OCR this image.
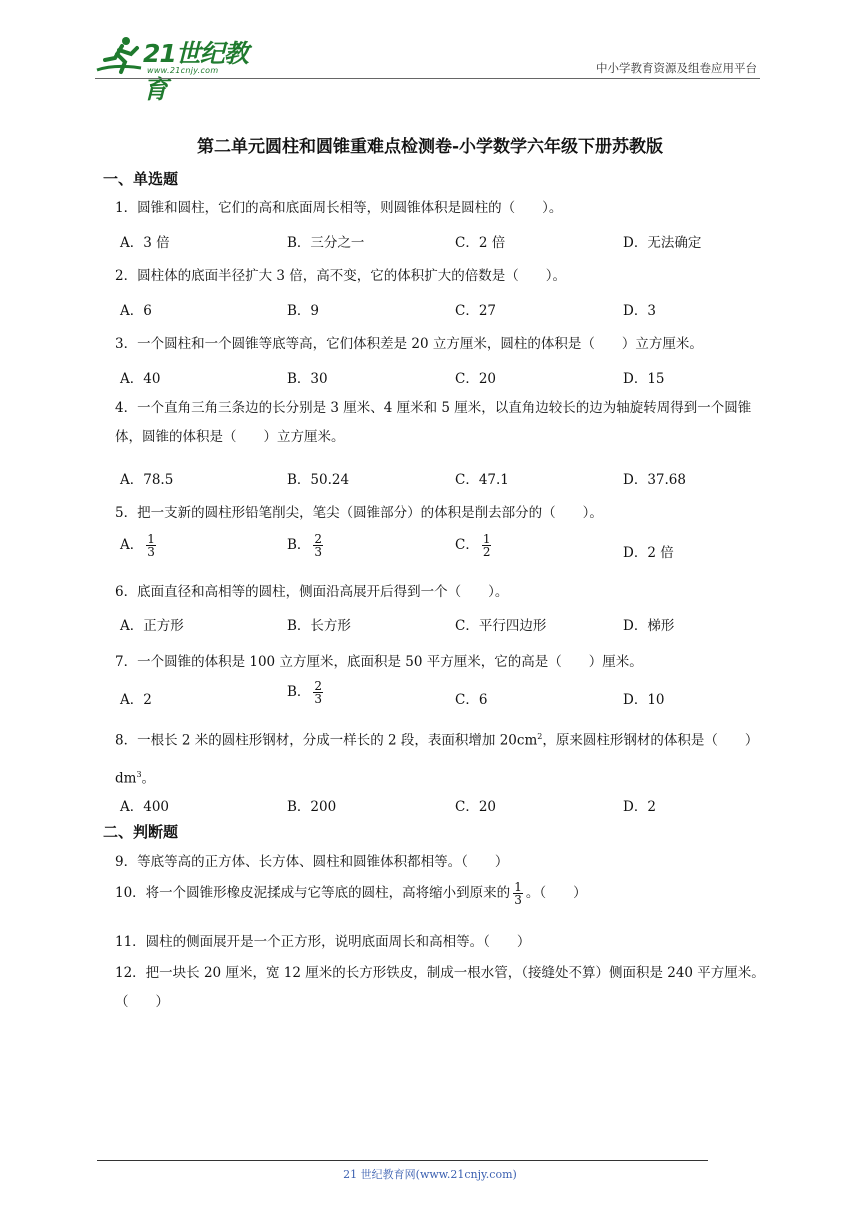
21世纪教育
www.21cnjy.com	中小学教育资源及组卷应用平台
第二单元圆柱和圆锥重难点检测卷-小学数学六年级下册苏教版
一、单选题
1．圆锥和圆柱，它们的高和底面周长相等，则圆锥体积是圆柱的（　　）。
A．3 倍	B．三分之一	C．2 倍	D．无法确定
2．圆柱体的底面半径扩大 3 倍，高不变，它的体积扩大的倍数是（　　）。
A．6	B．9	C．27	D．3
3．一个圆柱和一个圆锥等底等高，它们体积差是 20 立方厘米，圆柱的体积是（　　）立方厘米。
A．40	B．30	C．20	D．15
4．一个直角三角三条边的长分别是 3 厘米、4 厘米和 5 厘米，以直角边较长的边为轴旋转周得到一个圆锥体，圆锥的体积是（　　）立方厘米。
A．78.5	B．50.24	C．47.1	D．37.68
5．把一支新的圆柱形铅笔削尖，笔尖（圆锥部分）的体积是削去部分的（　　）。
A． $\frac{1}{3}$	B． $\frac{2}{3}$	C． $\frac{1}{2}$	D．2 倍
6．底面直径和高相等的圆柱，侧面沿高展开后得到一个（　　）。
A．正方形	B．长方形	C．平行四边形	D．梯形
7．一个圆锥的体积是 100 立方厘米，底面积是 50 平方厘米，它的高是（　　）厘米。
A．2	B． $\frac{2}{3}$	C．6	D．10
8．一根长 2 米的圆柱形钢材，分成一样长的 2 段，表面积增加 $20cm^2$，原来圆柱形钢材的体积是（　　）$dm^3$。
A．400	B．200	C．20	D．2
二、判断题
9．等底等高的正方体、长方体、圆柱和圆锥体积都相等。（　　）
10．将一个圆锥形橡皮泥揉成与它等底的圆柱，高将缩小到原来的 $\frac{1}{3}$ 。（　　）
11．圆柱的侧面展开是一个正方形，说明底面周长和高相等。（　　）
12．把一块长 20 厘米，宽 12 厘米的长方形铁皮，制成一根水管，（接缝处不算）侧面积是 240 平方厘米。（　　）
21 世纪教育网(www.21cnjy.com)
